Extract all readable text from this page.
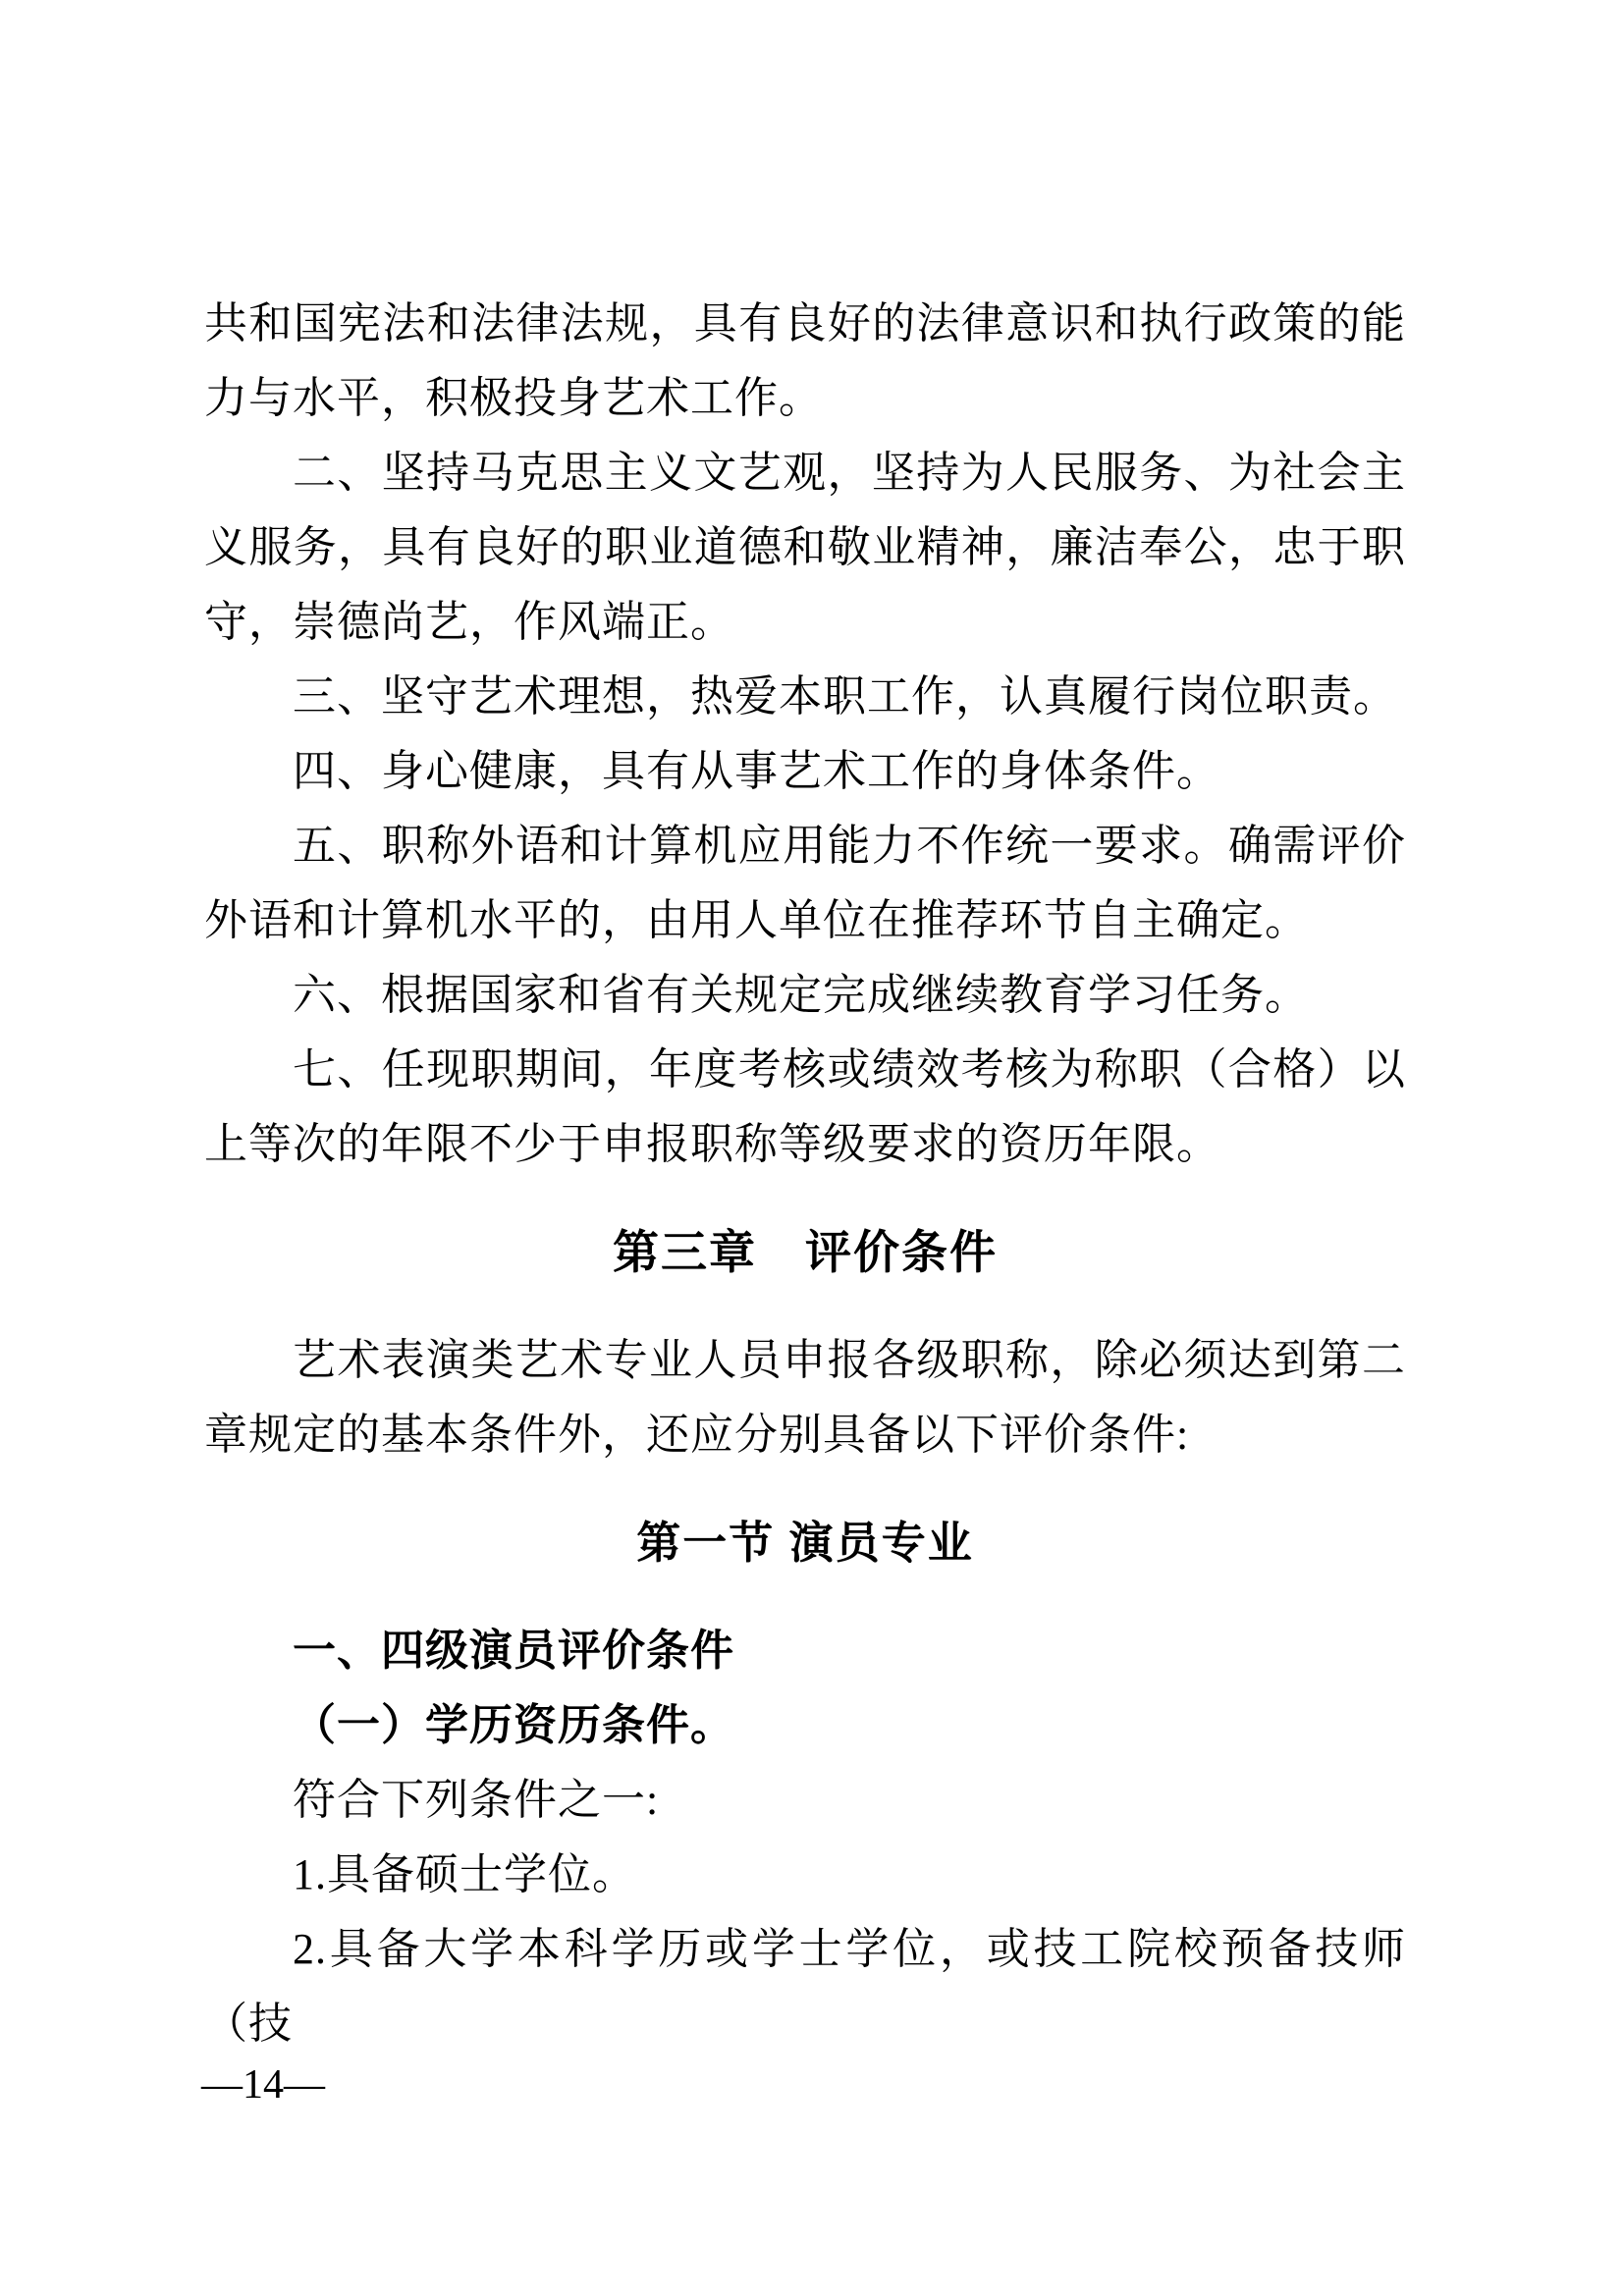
共和国宪法和法律法规，具有良好的法律意识和执行政策的能力与水平，积极投身艺术工作。

二、坚持马克思主义文艺观，坚持为人民服务、为社会主义服务，具有良好的职业道德和敬业精神，廉洁奉公，忠于职守，崇德尚艺，作风端正。

三、坚守艺术理想，热爱本职工作，认真履行岗位职责。

四、身心健康，具有从事艺术工作的身体条件。

五、职称外语和计算机应用能力不作统一要求。确需评价外语和计算机水平的，由用人单位在推荐环节自主确定。

六、根据国家和省有关规定完成继续教育学习任务。

七、任现职期间，年度考核或绩效考核为称职（合格）以上等次的年限不少于申报职称等级要求的资历年限。

第三章　评价条件

艺术表演类艺术专业人员申报各级职称，除必须达到第二章规定的基本条件外，还应分别具备以下评价条件:

第一节 演员专业

一、四级演员评价条件

（一）学历资历条件。

符合下列条件之一:

1.具备硕士学位。

2.具备大学本科学历或学士学位，或技工院校预备技师（技

—14—
